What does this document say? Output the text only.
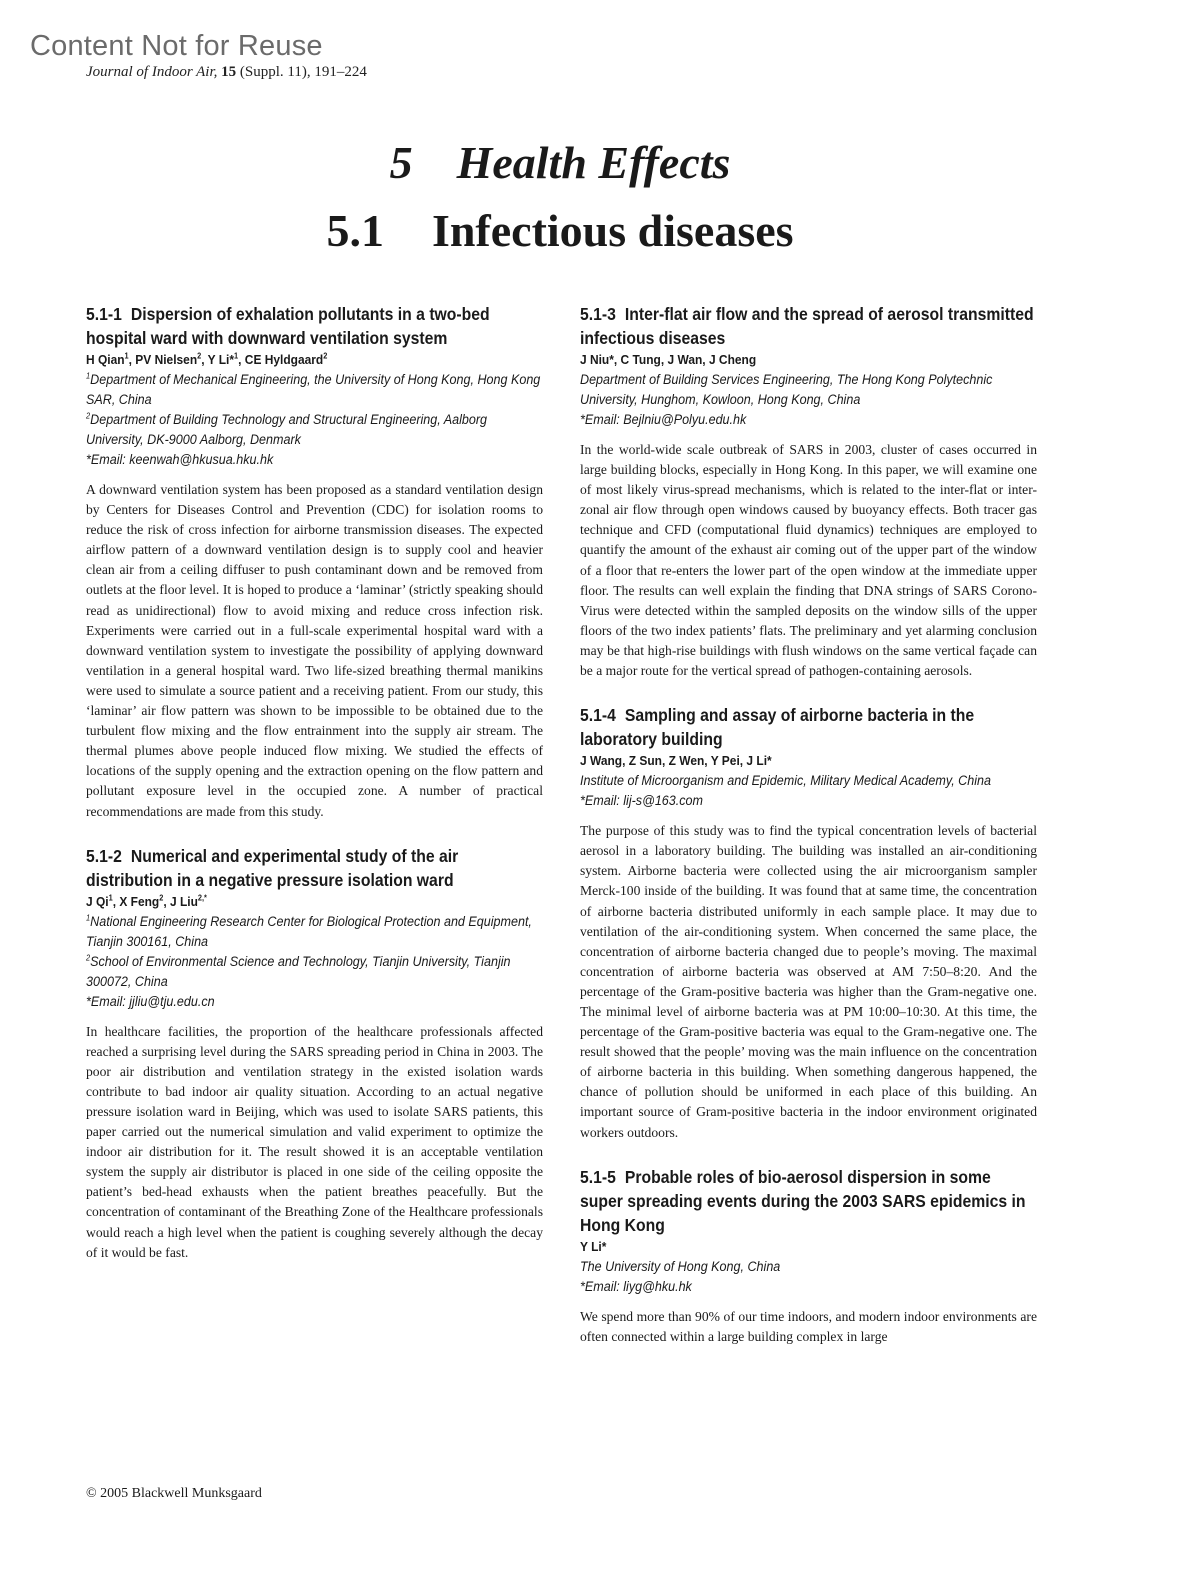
Content Not for Reuse
Journal of Indoor Air, 15 (Suppl. 11), 191–224
5 Health Effects
5.1 Infectious diseases
5.1-1 Dispersion of exhalation pollutants in a two-bed hospital ward with downward ventilation system
H Qian$^1$, PV Nielsen$^2$, Y Li*$^1$, CE Hyldgaard$^2$
$^1$Department of Mechanical Engineering, the University of Hong Kong, Hong Kong SAR, China
$^2$Department of Building Technology and Structural Engineering, Aalborg University, DK-9000 Aalborg, Denmark
*Email: keenwah@hkusua.hku.hk
A downward ventilation system has been proposed as a standard ventilation design by Centers for Diseases Control and Prevention (CDC) for isolation rooms to reduce the risk of cross infection for airborne transmission diseases. The expected airflow pattern of a downward ventilation design is to supply cool and heavier clean air from a ceiling diffuser to push contaminant down and be removed from outlets at the floor level. It is hoped to produce a ‘laminar’ (strictly speaking should read as unidirectional) flow to avoid mixing and reduce cross infection risk. Experiments were carried out in a full-scale experimental hospital ward with a downward ventilation system to investigate the possibility of applying downward ventilation in a general hospital ward. Two life-sized breathing thermal manikins were used to simulate a source patient and a receiving patient. From our study, this ‘laminar’ air flow pattern was shown to be impossible to be obtained due to the turbulent flow mixing and the flow entrainment into the supply air stream. The thermal plumes above people induced flow mixing. We studied the effects of locations of the supply opening and the extraction opening on the flow pattern and pollutant exposure level in the occupied zone. A number of practical recommendations are made from this study.
5.1-2 Numerical and experimental study of the air distribution in a negative pressure isolation ward
J Qi$^1$, X Feng$^2$, J Liu$^{2,*}$
$^1$National Engineering Research Center for Biological Protection and Equipment, Tianjin 300161, China
$^2$School of Environmental Science and Technology, Tianjin University, Tianjin 300072, China
*Email: jjliu@tju.edu.cn
In healthcare facilities, the proportion of the healthcare professionals affected reached a surprising level during the SARS spreading period in China in 2003. The poor air distribution and ventilation strategy in the existed isolation wards contribute to bad indoor air quality situation. According to an actual negative pressure isolation ward in Beijing, which was used to isolate SARS patients, this paper carried out the numerical simulation and valid experiment to optimize the indoor air distribution for it. The result showed it is an acceptable ventilation system the supply air distributor is placed in one side of the ceiling opposite the patient’s bed-head exhausts when the patient breathes peacefully. But the concentration of contaminant of the Breathing Zone of the Healthcare professionals would reach a high level when the patient is coughing severely although the decay of it would be fast.
5.1-3 Inter-flat air flow and the spread of aerosol transmitted infectious diseases
J Niu*, C Tung, J Wan, J Cheng
Department of Building Services Engineering, The Hong Kong Polytechnic University, Hunghom, Kowloon, Hong Kong, China
*Email: Bejlniu@Polyu.edu.hk
In the world-wide scale outbreak of SARS in 2003, cluster of cases occurred in large building blocks, especially in Hong Kong. In this paper, we will examine one of most likely virus-spread mechanisms, which is related to the inter-flat or inter-zonal air flow through open windows caused by buoyancy effects. Both tracer gas technique and CFD (computational fluid dynamics) techniques are employed to quantify the amount of the exhaust air coming out of the upper part of the window of a floor that re-enters the lower part of the open window at the immediate upper floor. The results can well explain the finding that DNA strings of SARS Corono-Virus were detected within the sampled deposits on the window sills of the upper floors of the two index patients’ flats. The preliminary and yet alarming conclusion may be that high-rise buildings with flush windows on the same vertical façade can be a major route for the vertical spread of pathogen-containing aerosols.
5.1-4 Sampling and assay of airborne bacteria in the laboratory building
J Wang, Z Sun, Z Wen, Y Pei, J Li*
Institute of Microorganism and Epidemic, Military Medical Academy, China
*Email: lij-s@163.com
The purpose of this study was to find the typical concentration levels of bacterial aerosol in a laboratory building. The building was installed an air-conditioning system. Airborne bacteria were collected using the air microorganism sampler Merck-100 inside of the building. It was found that at same time, the concentration of airborne bacteria distributed uniformly in each sample place. It may due to ventilation of the air-conditioning system. When concerned the same place, the concentration of airborne bacteria changed due to people’s moving. The maximal concentration of airborne bacteria was observed at AM 7:50–8:20. And the percentage of the Gram-positive bacteria was higher than the Gram-negative one. The minimal level of airborne bacteria was at PM 10:00–10:30. At this time, the percentage of the Gram-positive bacteria was equal to the Gram-negative one. The result showed that the people’ moving was the main influence on the concentration of airborne bacteria in this building. When something dangerous happened, the chance of pollution should be uniformed in each place of this building. An important source of Gram-positive bacteria in the indoor environment originated workers outdoors.
5.1-5 Probable roles of bio-aerosol dispersion in some super spreading events during the 2003 SARS epidemics in Hong Kong
Y Li*
The University of Hong Kong, China
*Email: liyg@hku.hk
We spend more than 90% of our time indoors, and modern indoor environments are often connected within a large building complex in large
© 2005 Blackwell Munksgaard
